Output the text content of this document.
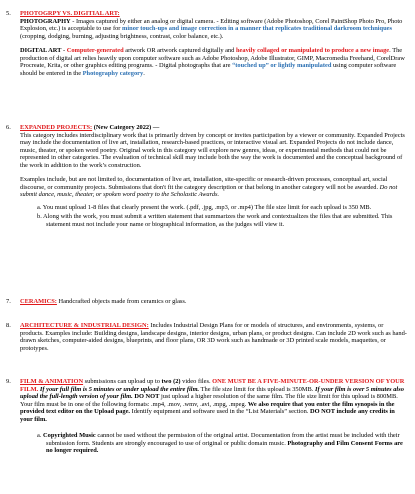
5.	PHOTOGRPY VS. DIGITIAL ART:

PHOTOGRAPHY - Images captured by either an analog or digital camera. - Editing software (Adobe Photoshop, Corel PaintShop Photo Pro, Photo Explosion, etc.) is acceptable to use for minor touch-ups and image correction in a manner that replicates traditional darkroom techniques (cropping, dodging, burning, adjusting brightness, contrast, color balance, etc.).

DIGITAL ART - Computer-generated artwork OR artwork captured digitally and heavily collaged or manipulated to produce a new image. The production of digital art relies heavily upon computer software such as Adobe Photoshop, Adobe Illustrator, GIMP, Macromedia Freehand, CorelDraw Procreate, Krita, or other graphics editing programs. - Digital photographs that are “touched up” or lightly manipulated using computer software should be entered in the Photography category.

6.	EXPANDED PROJECTS: (New Category 2022) —

This category includes interdisciplinary work that is primarily driven by concept or invites participation by a viewer or community. Expanded Projects may include the documentation of live art, installation, research-based practices, or interactive visual art. Expanded Projects do not include dance, music, theater, or spoken word poetry. Original work in this category will explore new genres, ideas, or experimental methods that could not be represented in other categories. The evaluation of technical skill may include both the way the work is documented and the conceptual background of the work in addition to the work’s construction.

Examples include, but are not limited to, documentation of live art, installation, site-specific or research-driven processes, conceptual art, social discourse, or community projects. Submissions that don't fit the category description or that belong in another category will not be awarded. Do not submit dance, music, theater, or spoken word poetry to the Scholastic Awards.

a. You must upload 1-8 files that clearly present the work. (.pdf, .jpg, .mp3, or .mp4) The file size limit for each upload is 350 MB.

b. Along with the work, you must submit a written statement that summarizes the work and contextualizes the files that are submitted. This statement must not include your name or biographical information, as the judges will view it.

7.	CERAMICS: Handcrafted objects made from ceramics or glass.

8.	ARCHITECTURE & INDUSTRIAL DESIGN: Includes Industrial Design Plans for or models of structures, and environments, systems, or products. Examples include: Building designs, landscape designs, interior designs, urban plans, or product designs. Can include 2D work such as hand-drawn sketches, computer-aided designs, blueprints, and floor plans, OR 3D work such as handmade or 3D printed scale models, maquettes, or prototypes.

9.	FILM & ANIMATION submissions can upload up to two (2) video files. ONE MUST BE A FIVE-MINUTE-OR-UNDER VERSION OF YOUR FILM. If your full film is 5 minutes or under upload the entire film. The file size limit for this upload is 350MB. If your film is over 5 minutes also upload the full-length version of your film. DO NOT just upload a higher resolution of the same film. The file size limit for this upload is 800MB. Your film must be in one of the following formats: .mp4, .mov, .wmv, .avi, .mpg, .mpeg. We also require that you enter the film synopsis in the provided text editor on the Upload page. Identify equipment and software used in the “List Materials” section. DO NOT include any credits in your film.

a. Copyrighted Music cannot be used without the permission of the original artist. Documentation from the artist must be included with their submission form. Students are strongly encouraged to use of original or public domain music. Photography and Film Consent Forms are no longer required.
